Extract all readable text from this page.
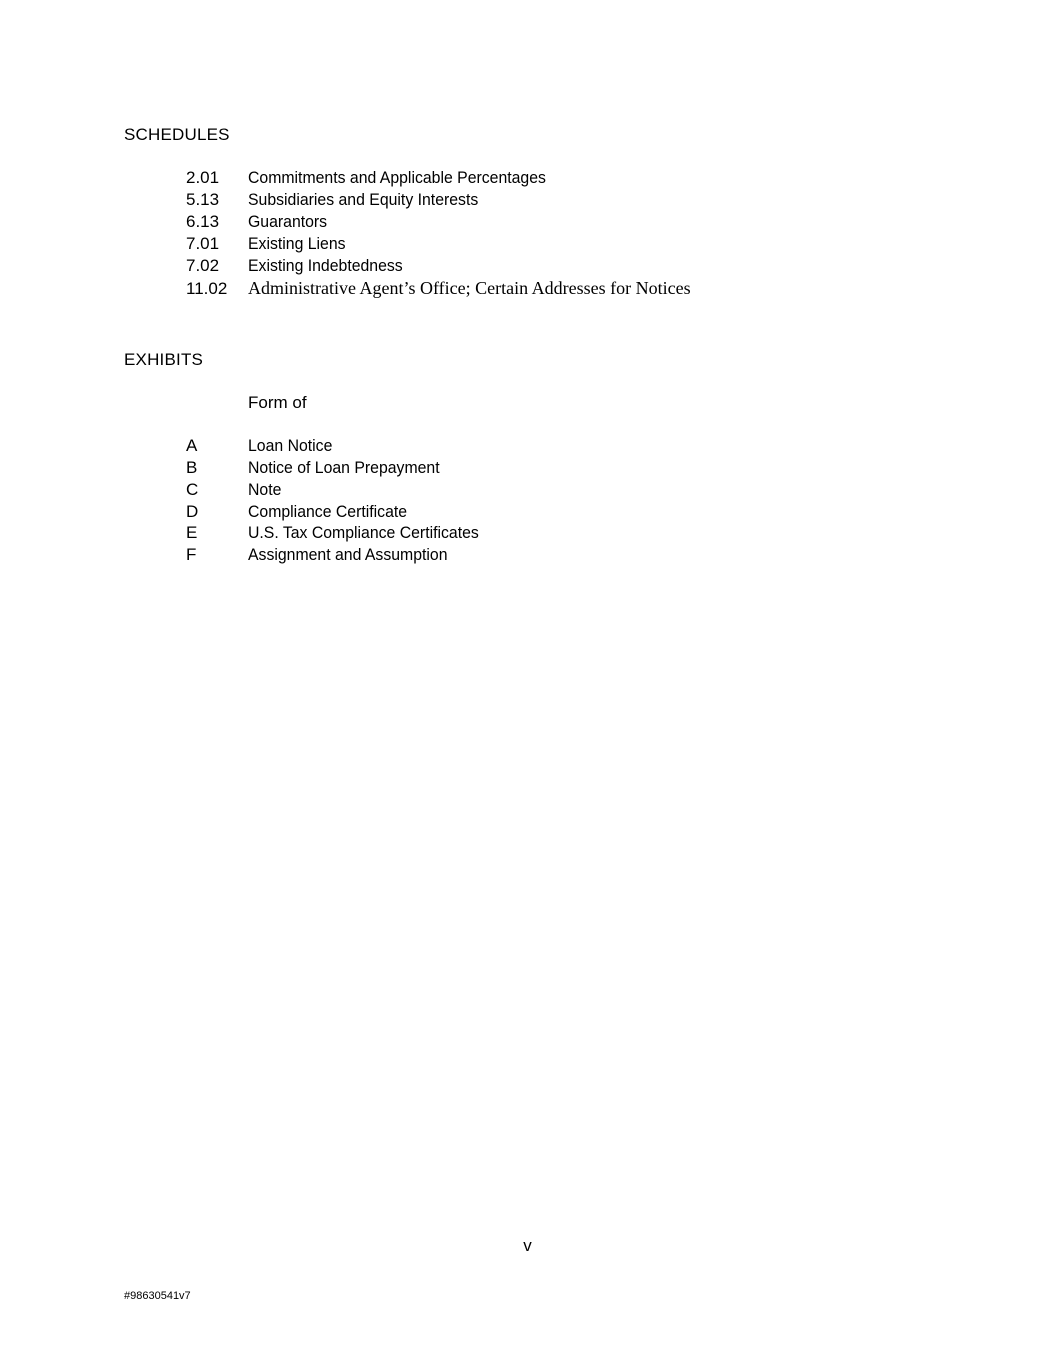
SCHEDULES
2.01 Commitments and Applicable Percentages
5.13 Subsidiaries and Equity Interests
6.13 Guarantors
7.01 Existing Liens
7.02 Existing Indebtedness
11.02 Administrative Agent’s Office; Certain Addresses for Notices
EXHIBITS
Form of
A	Loan Notice
B	Notice of Loan Prepayment
C	Note
D	Compliance Certificate
E	U.S. Tax Compliance Certificates
F	Assignment and Assumption
v
#98630541v7
